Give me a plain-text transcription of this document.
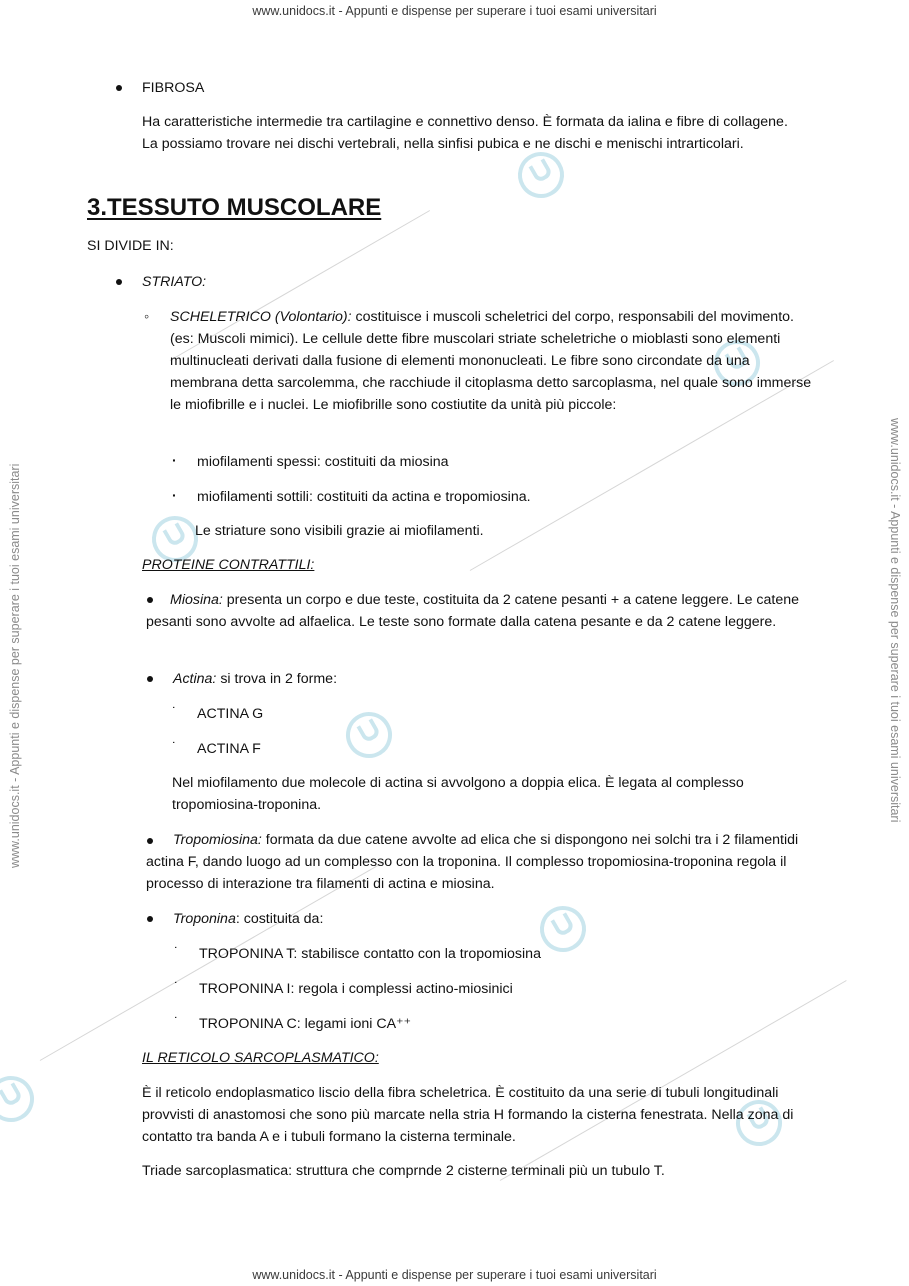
www.unidocs.it - Appunti e dispense per superare i tuoi esami universitari
www.unidocs.it - Appunti e dispense per superare i tuoi esami universitari
www.unidocs.it - Appunti e dispense per superare i tuoi esami universitari	www.unidocs.it - Appunti e dispense per superare i tuoi esami universitari
FIBROSA

Ha caratteristiche intermedie tra cartilagine e connettivo denso. È formata da ialina e fibre di collagene. La possiamo trovare nei dischi vertebrali, nella sinfisi pubica e ne dischi e menischi intrarticolari.

3.TESSUTO MUSCOLARE
SI DIVIDE IN:
STRIATO:
◦ SCHELETRICO (Volontario): costituisce i muscoli scheletrici del corpo, responsabili del movimento. (es: Muscoli mimici). Le cellule dette fibre muscolari striate scheletriche o mioblasti sono elementi multinucleati derivati dalla fusione di elementi mononucleati. Le fibre sono circondate da una membrana detta sarcolemma, che racchiude il citoplasma detto sarcoplasma, nel quale sono immerse le miofibrille e i nuclei. Le miofibrille sono costiutite da unità più piccole:

· miofilamenti spessi: costituiti da miosina
· miofilamenti sottili: costituiti da actina e tropomiosina.
Le striature sono visibili grazie ai miofilamenti.
PROTEINE CONTRATTILI:

Miosina: presenta un corpo e due teste, costituita da 2 catene pesanti + a catene leggere. Le catene pesanti sono avvolte ad alfaelica. Le teste sono formate dalla catena pesante e da 2 catene leggere.

Actina: si trova in 2 forme:

˙ ACTINA G
˙ ACTINA F

Nel miofilamento due molecole di actina si avvolgono a doppia elica. È legata al complesso tropomiosina-troponina.

Tropomiosina: formata da due catene avvolte ad elica che si dispongono nei solchi tra i 2 filamentidi actina F, dando luogo ad un complesso con la troponina. Il complesso tropomiosina-troponina regola il processo di interazione tra filamenti di actina e miosina.

Troponina: costituita da:

˙ TROPONINA T: stabilisce contatto con la tropomiosina
˙ TROPONINA I: regola i complessi actino-miosinici
˙ TROPONINA C: legami ioni CA⁺⁺
IL RETICOLO SARCOPLASMATICO:

È il reticolo endoplasmatico liscio della fibra scheletrica. È costituito da una serie di tubuli longitudinali provvisti di anastomosi che sono più marcate nella stria H formando la cisterna fenestrata. Nella zona di contatto tra banda A e i tubuli formano la cisterna terminale.

Triade sarcoplasmatica: struttura che comprnde 2 cisterne terminali più un tubulo T.
